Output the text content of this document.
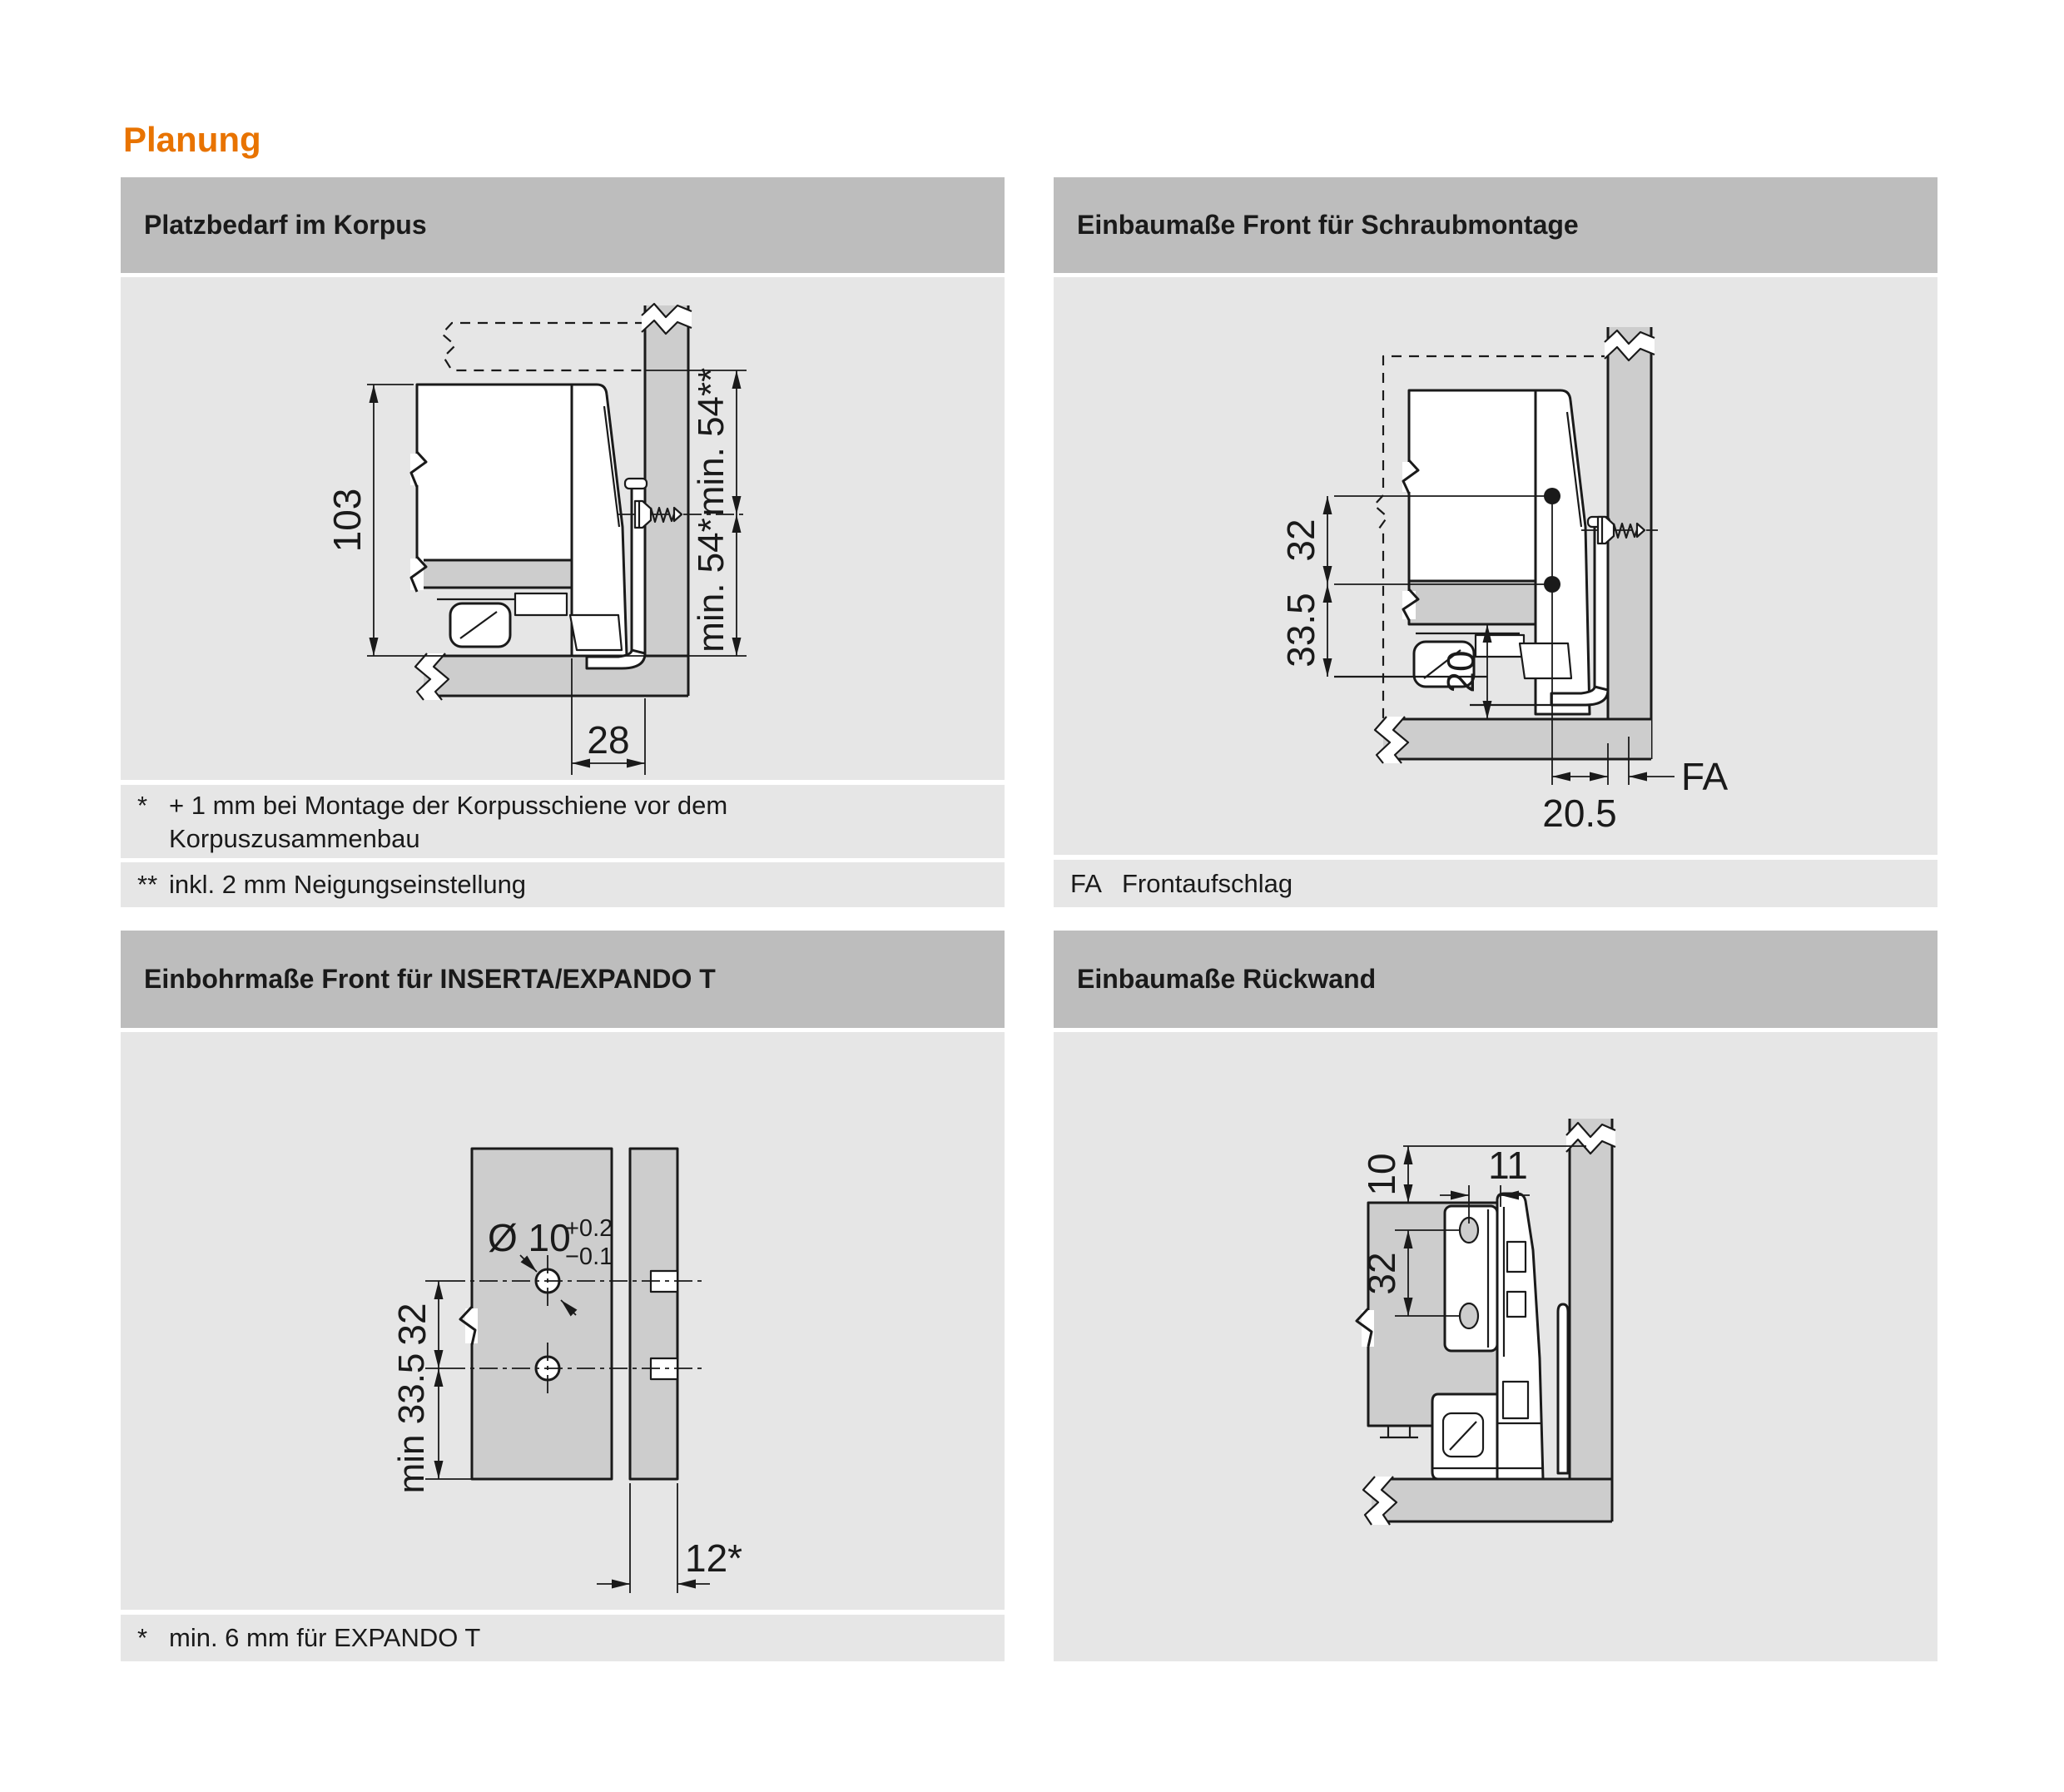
Planung
Platzbedarf im Korpus
103
28
min. 54**
min. 54*
* + 1 mm bei Montage der Korpusschiene vor dem
Korpuszusammenbau
** inkl. 2 mm Neigungseinstellung
Einbaumaße Front für Schraubmontage
32
33.5
20
20.5
FA
FA Frontaufschlag
Einbohrmaße Front für INSERTA/EXPANDO T
Ø 10
+0.2
−0.1
32
min 33.5
12*
* min. 6 mm für EXPANDO T
Einbaumaße Rückwand
10
32
11
